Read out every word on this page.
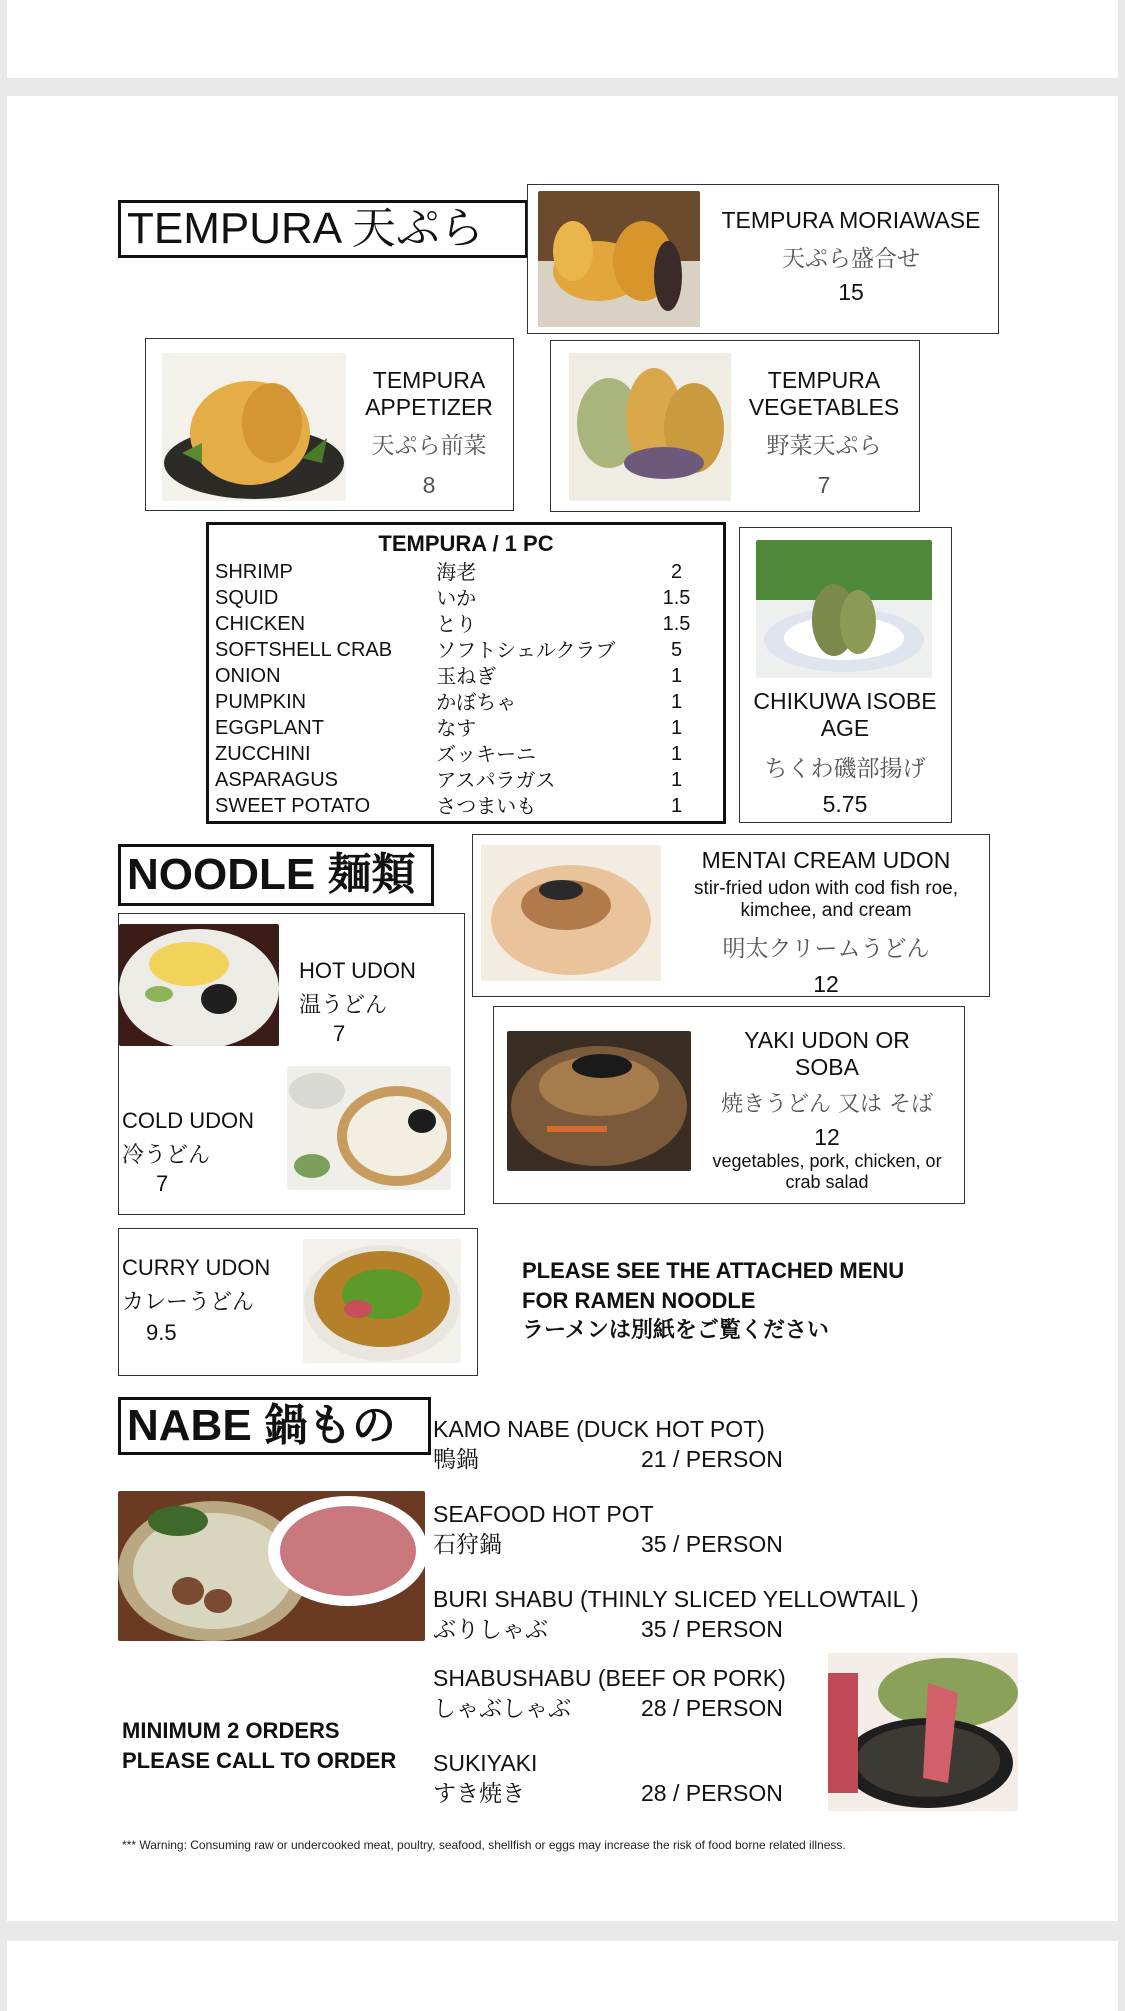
TEMPURA 天ぷら	TEMPURA MORIAWASE
天ぷら盛合せ
15
TEMPURA
APPETIZER
天ぷら前菜
8
TEMPURA
VEGETABLES
野菜天ぷら
7
TEMPURA / 1 PC
SHRIMP	海老	2
SQUID	いか	1.5
CHICKEN	とり	1.5
SOFTSHELL CRAB	ソフトシェルクラブ	5
ONION	玉ねぎ	1
PUMPKIN	かぼちゃ	1
EGGPLANT	なす	1
ZUCCHINI	ズッキーニ	1
ASPARAGUS	アスパラガス	1
SWEET POTATO	さつまいも	1
CHIKUWA ISOBE
AGE
ちくわ磯部揚げ
5.75
NOODLE 麺類	MENTAI CREAM UDON
stir-fried udon with cod fish roe,
kimchee, and cream
明太クリームうどん
12
HOT UDON
温うどん
7
COLD UDON
冷うどん
7
YAKI UDON OR
SOBA
焼きうどん 又は そば
12
vegetables, pork, chicken, or
crab salad
CURRY UDON
カレーうどん
9.5
PLEASE SEE THE ATTACHED MENU
FOR RAMEN NOODLE
ラーメンは別紙をご覧ください
NABE 鍋もの	KAMO NABE (DUCK HOT POT)
鴨鍋	21 / PERSON
SEAFOOD HOT POT
石狩鍋	35 / PERSON
BURI SHABU (THINLY SLICED YELLOWTAIL )
ぶりしゃぶ	35 / PERSON
SHABUSHABU (BEEF OR PORK)
しゃぶしゃぶ	28 / PERSON
SUKIYAKI
すき焼き	28 / PERSON
MINIMUM 2 ORDERS
PLEASE CALL TO ORDER
*** Warning: Consuming raw or undercooked meat, poultry, seafood, shellfish or eggs may increase the risk of food borne related illness.
